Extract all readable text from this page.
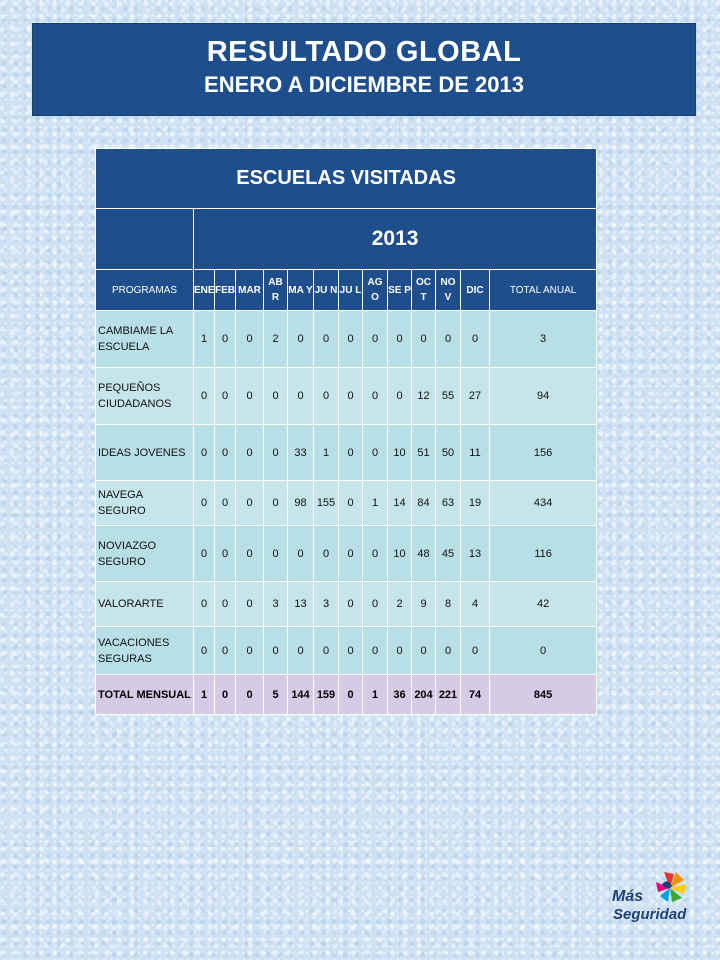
RESULTADO GLOBAL
ENERO A DICIEMBRE DE 2013
ESCUELAS VISITADAS													
	2013												
PROGRAMAS	ENE	FEB	MAR	AB R	MA Y	JU N	JU L	AG O	SE P	OC T	NO V	DIC	TOTAL ANUAL
CAMBIAME LA ESCUELA	1	0	0	2	0	0	0	0	0	0	0	0	3
PEQUEÑOS CIUDADANOS	0	0	0	0	0	0	0	0	0	12	55	27	94
IDEAS JOVENES	0	0	0	0	33	1	0	0	10	51	50	11	156
NAVEGA SEGURO	0	0	0	0	98	155	0	1	14	84	63	19	434
NOVIAZGO SEGURO	0	0	0	0	0	0	0	0	10	48	45	13	116
VALORARTE	0	0	0	3	13	3	0	0	2	9	8	4	42
VACACIONES SEGURAS	0	0	0	0	0	0	0	0	0	0	0	0	0
TOTAL MENSUAL	1	0	0	5	144	159	0	1	36	204	221	74	845
Más
Seguridad
